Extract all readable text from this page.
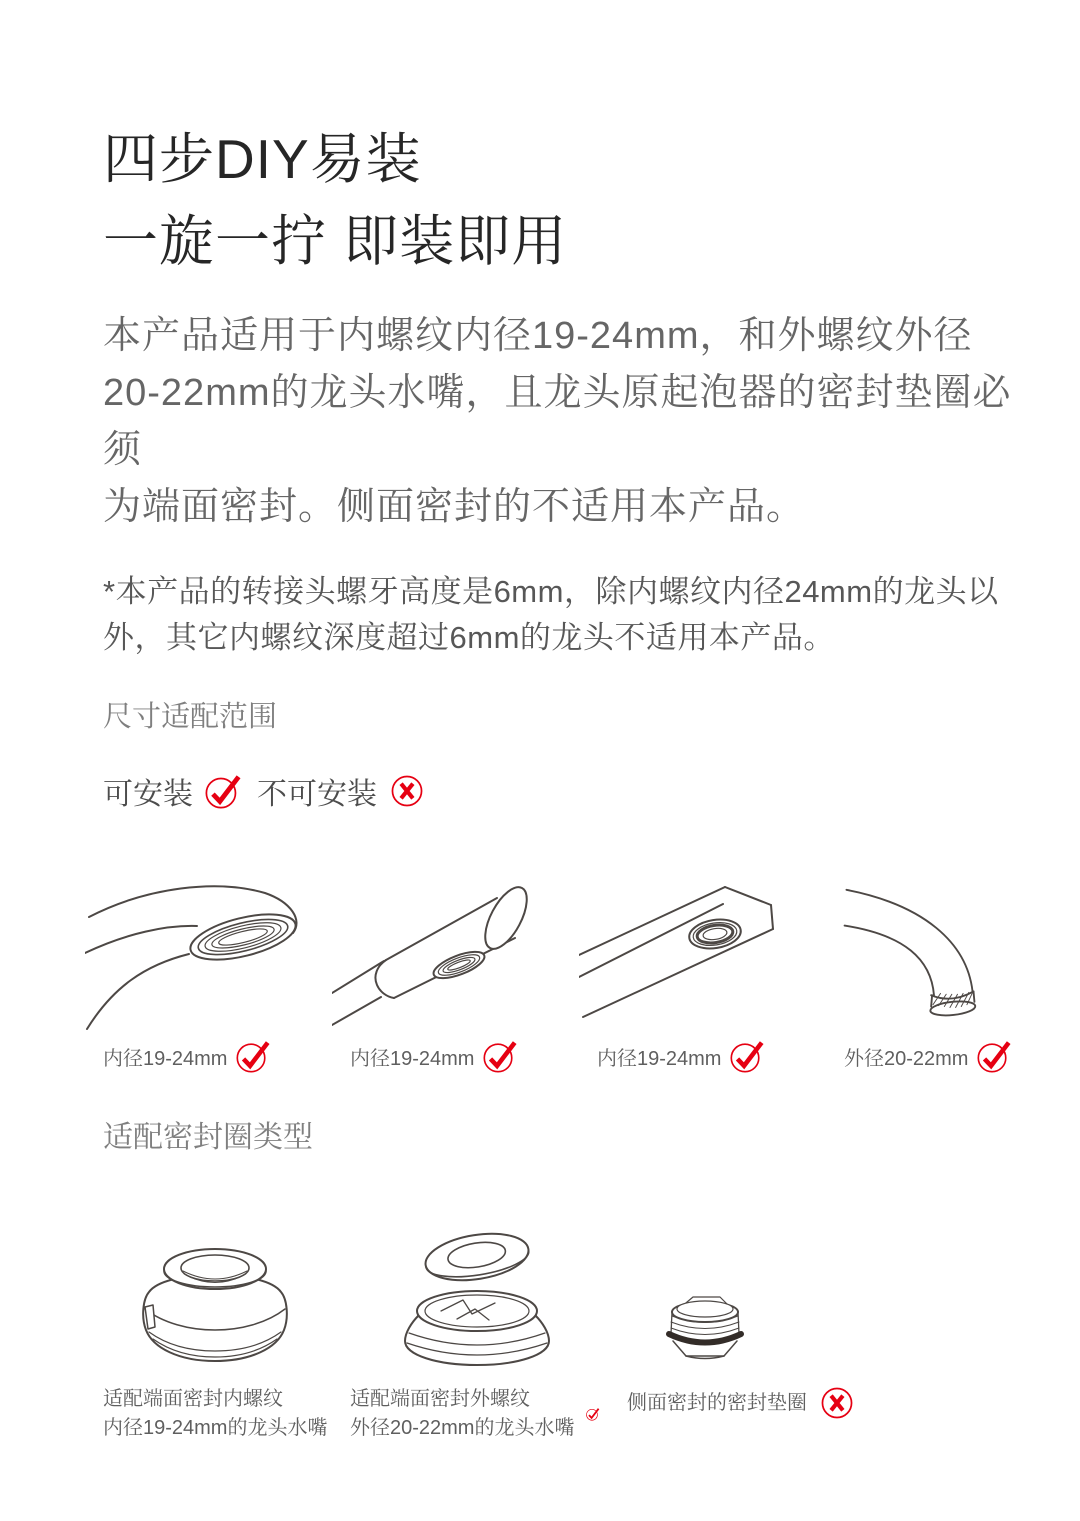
四步DIY易装
一旋一拧 即装即用

本产品适用于内螺纹内径19-24mm，和外螺纹外径
20-22mm的龙头水嘴，且龙头原起泡器的密封垫圈必须
为端面密封。侧面密封的不适用本产品。

*本产品的转接头螺牙高度是6mm，除内螺纹内径24mm的龙头以
外，其它内螺纹深度超过6mm的龙头不适用本产品。

尺寸适配范围
可安装 不可安装
内径19-24mm	内径19-24mm	内径19-24mm	外径20-22mm
适配密封圈类型
适配端面密封内螺纹
内径19-24mm的龙头水嘴
适配端面密封外螺纹
外径20-22mm的龙头水嘴
侧面密封的密封垫圈
